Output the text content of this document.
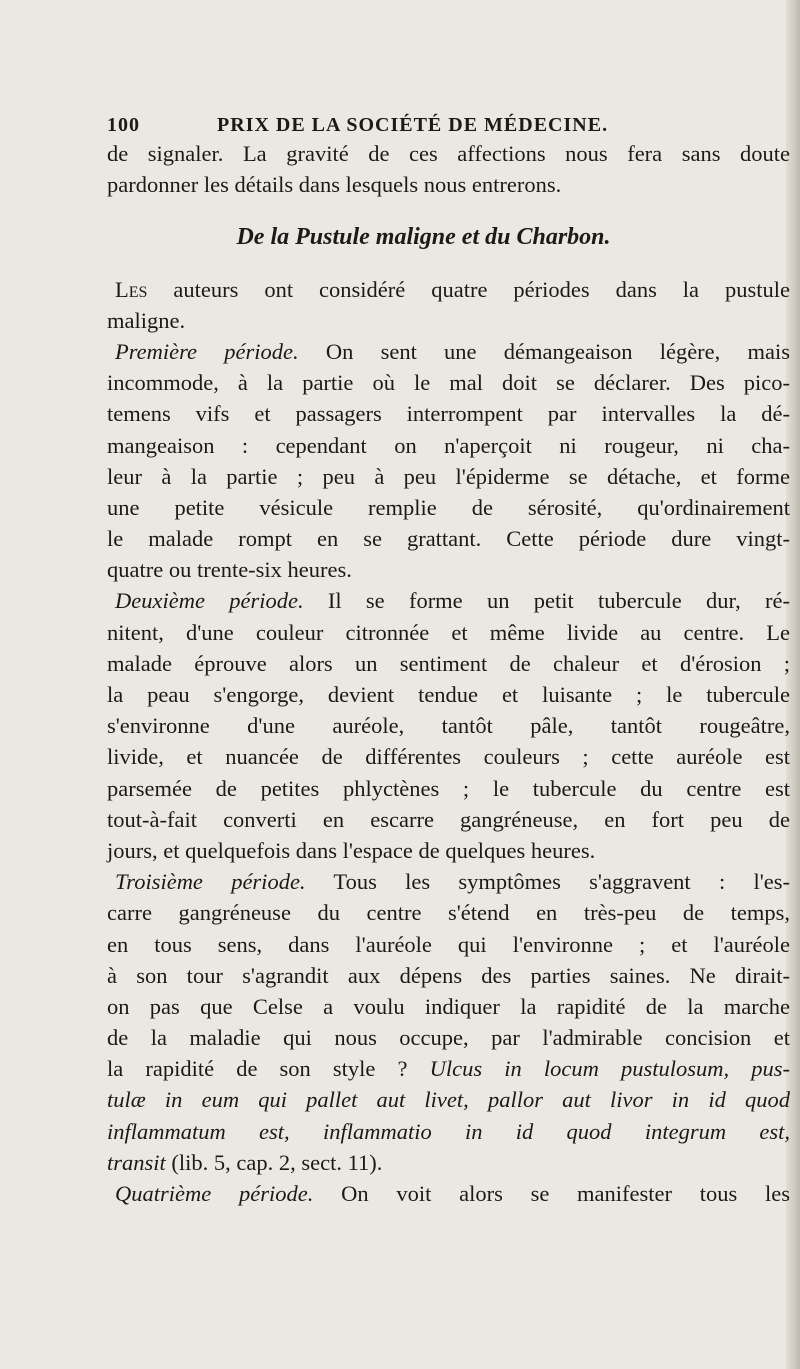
100	PRIX DE LA SOCIÉTÉ DE MÉDECINE.
de signaler. La gravité de ces affections nous fera sans doute
pardonner les détails dans lesquels nous entrerons.
De la Pustule maligne et du Charbon.
Les auteurs ont considéré quatre périodes dans la pustule
maligne.
Première période. On sent une démangeaison légère, mais
incommode, à la partie où le mal doit se déclarer. Des pico-
temens vifs et passagers interrompent par intervalles la dé-
mangeaison : cependant on n'aperçoit ni rougeur, ni cha-
leur à la partie ; peu à peu l'épiderme se détache, et forme
une petite vésicule remplie de sérosité, qu'ordinairement
le malade rompt en se grattant. Cette période dure vingt-
quatre ou trente-six heures.
Deuxième période. Il se forme un petit tubercule dur, ré-
nitent, d'une couleur citronnée et même livide au centre. Le
malade éprouve alors un sentiment de chaleur et d'érosion ;
la peau s'engorge, devient tendue et luisante ; le tubercule
s'environne d'une auréole, tantôt pâle, tantôt rougeâtre,
livide, et nuancée de différentes couleurs ; cette auréole est
parsemée de petites phlyctènes ; le tubercule du centre est
tout-à-fait converti en escarre gangréneuse, en fort peu de
jours, et quelquefois dans l'espace de quelques heures.
Troisième période. Tous les symptômes s'aggravent : l'es-
carre gangréneuse du centre s'étend en très-peu de temps,
en tous sens, dans l'auréole qui l'environne ; et l'auréole
à son tour s'agrandit aux dépens des parties saines. Ne dirait-
on pas que Celse a voulu indiquer la rapidité de la marche
de la maladie qui nous occupe, par l'admirable concision et
la rapidité de son style ? Ulcus in locum pustulosum, pus-
tulæ in eum qui pallet aut livet, pallor aut livor in id quod
inflammatum est, inflammatio in id quod integrum est,
transit (lib. 5, cap. 2, sect. 11).
Quatrième période. On voit alors se manifester tous les
